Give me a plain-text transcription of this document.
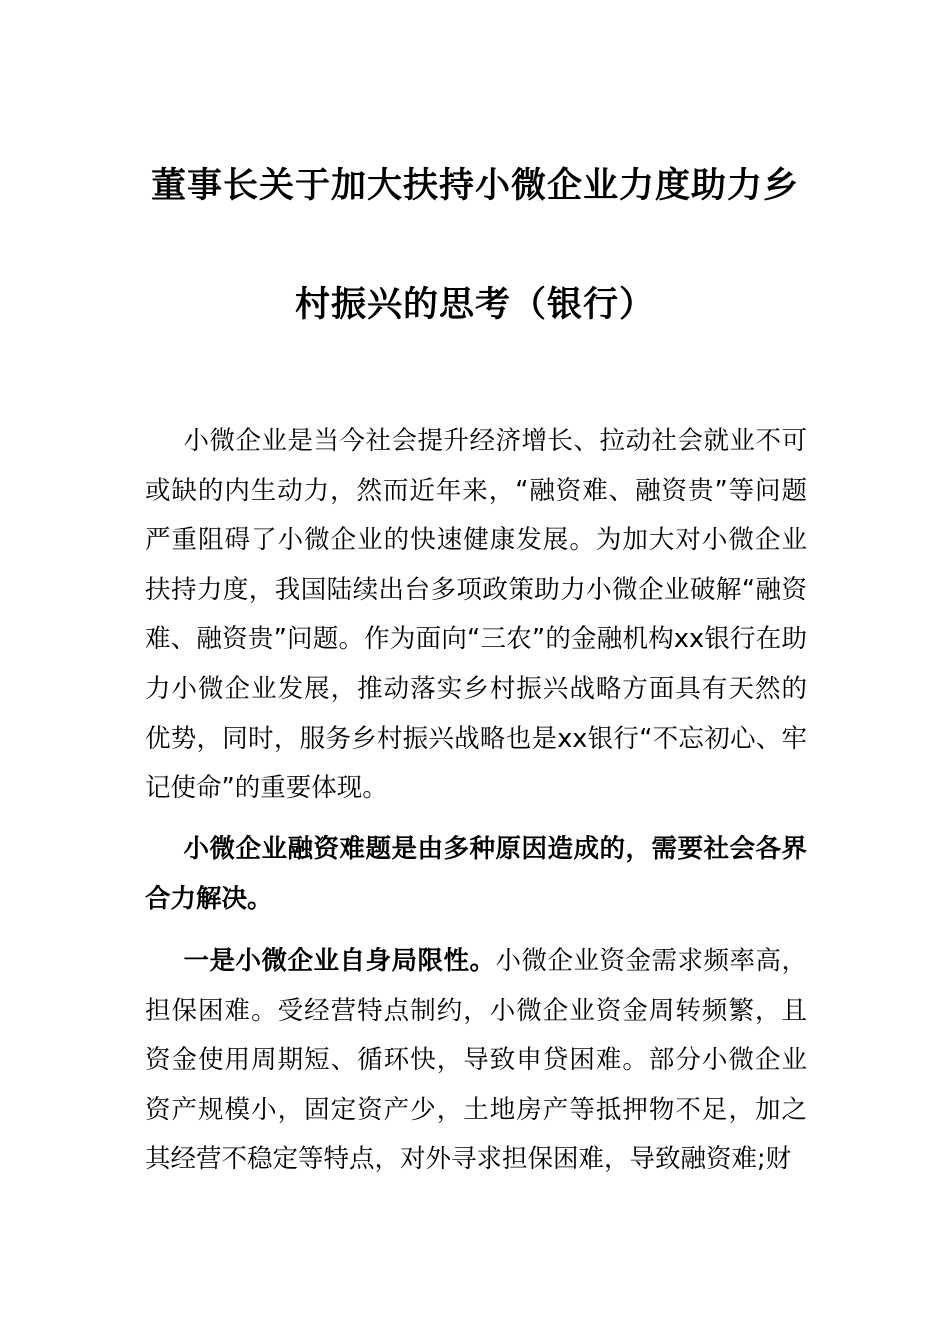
董事长关于加大扶持小微企业力度助力乡
村振兴的思考（银行）
小微企业是当今社会提升经济增长、拉动社会就业不可或缺的内生动力，然而近年来，“融资难、融资贵”等问题严重阻碍了小微企业的快速健康发展。为加大对小微企业扶持力度，我国陆续出台多项政策助力小微企业破解“融资难、融资贵”问题。作为面向“三农”的金融机构xx银行在助力小微企业发展，推动落实乡村振兴战略方面具有天然的优势，同时，服务乡村振兴战略也是xx银行“不忘初心、牢记使命”的重要体现。
小微企业融资难题是由多种原因造成的，需要社会各界合力解决。
一是小微企业自身局限性。小微企业资金需求频率高，担保困难。受经营特点制约，小微企业资金周转频繁，且资金使用周期短、循环快，导致申贷困难。部分小微企业资产规模小，固定资产少，土地房产等抵押物不足，加之其经营不稳定等特点，对外寻求担保困难，导致融资难;财
